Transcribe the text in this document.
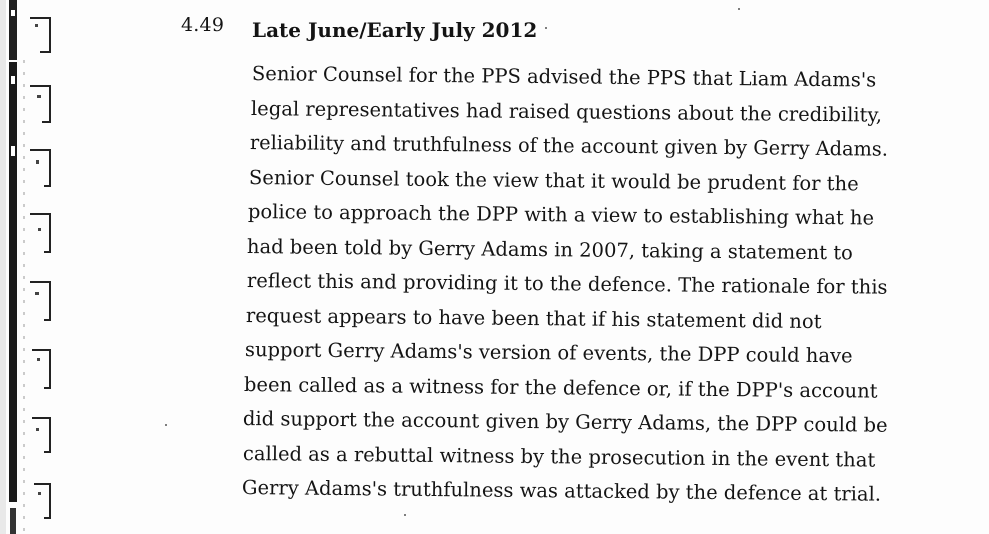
4.49 Late June/Early July 2012
Senior Counsel for the PPS advised the PPS that Liam Adams's
legal representatives had raised questions about the credibility,
reliability and truthfulness of the account given by Gerry Adams.
Senior Counsel took the view that it would be prudent for the
police to approach the DPP with a view to establishing what he
had been told by Gerry Adams in 2007, taking a statement to
reflect this and providing it to the defence. The rationale for this
request appears to have been that if his statement did not
support Gerry Adams's version of events, the DPP could have
been called as a witness for the defence or, if the DPP's account
did support the account given by Gerry Adams, the DPP could be
called as a rebuttal witness by the prosecution in the event that
Gerry Adams's truthfulness was attacked by the defence at trial.
